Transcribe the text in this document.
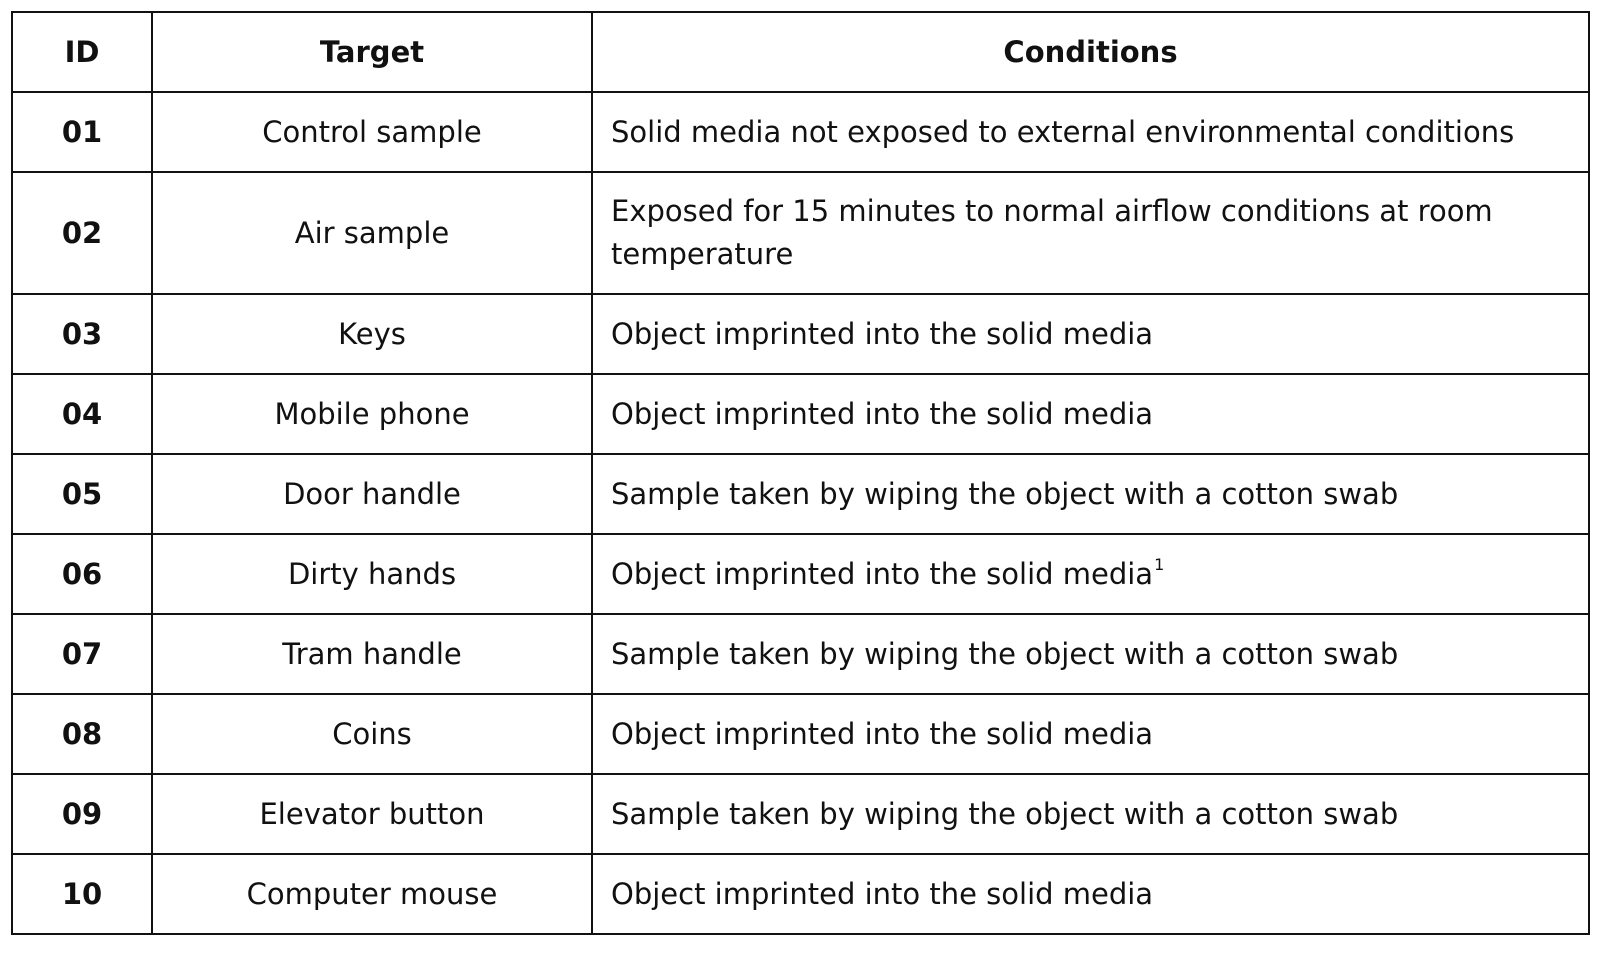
ID	Target	Conditions
01	Control sample	Solid media not exposed to external environmental conditions
02	Air sample	Exposed for 15 minutes to normal airflow conditions at room temperature
03	Keys	Object imprinted into the solid media
04	Mobile phone	Object imprinted into the solid media
05	Door handle	Sample taken by wiping the object with a cotton swab
06	Dirty hands	Object imprinted into the solid media$^1$
07	Tram handle	Sample taken by wiping the object with a cotton swab
08	Coins	Object imprinted into the solid media
09	Elevator button	Sample taken by wiping the object with a cotton swab
10	Computer mouse	Object imprinted into the solid media
